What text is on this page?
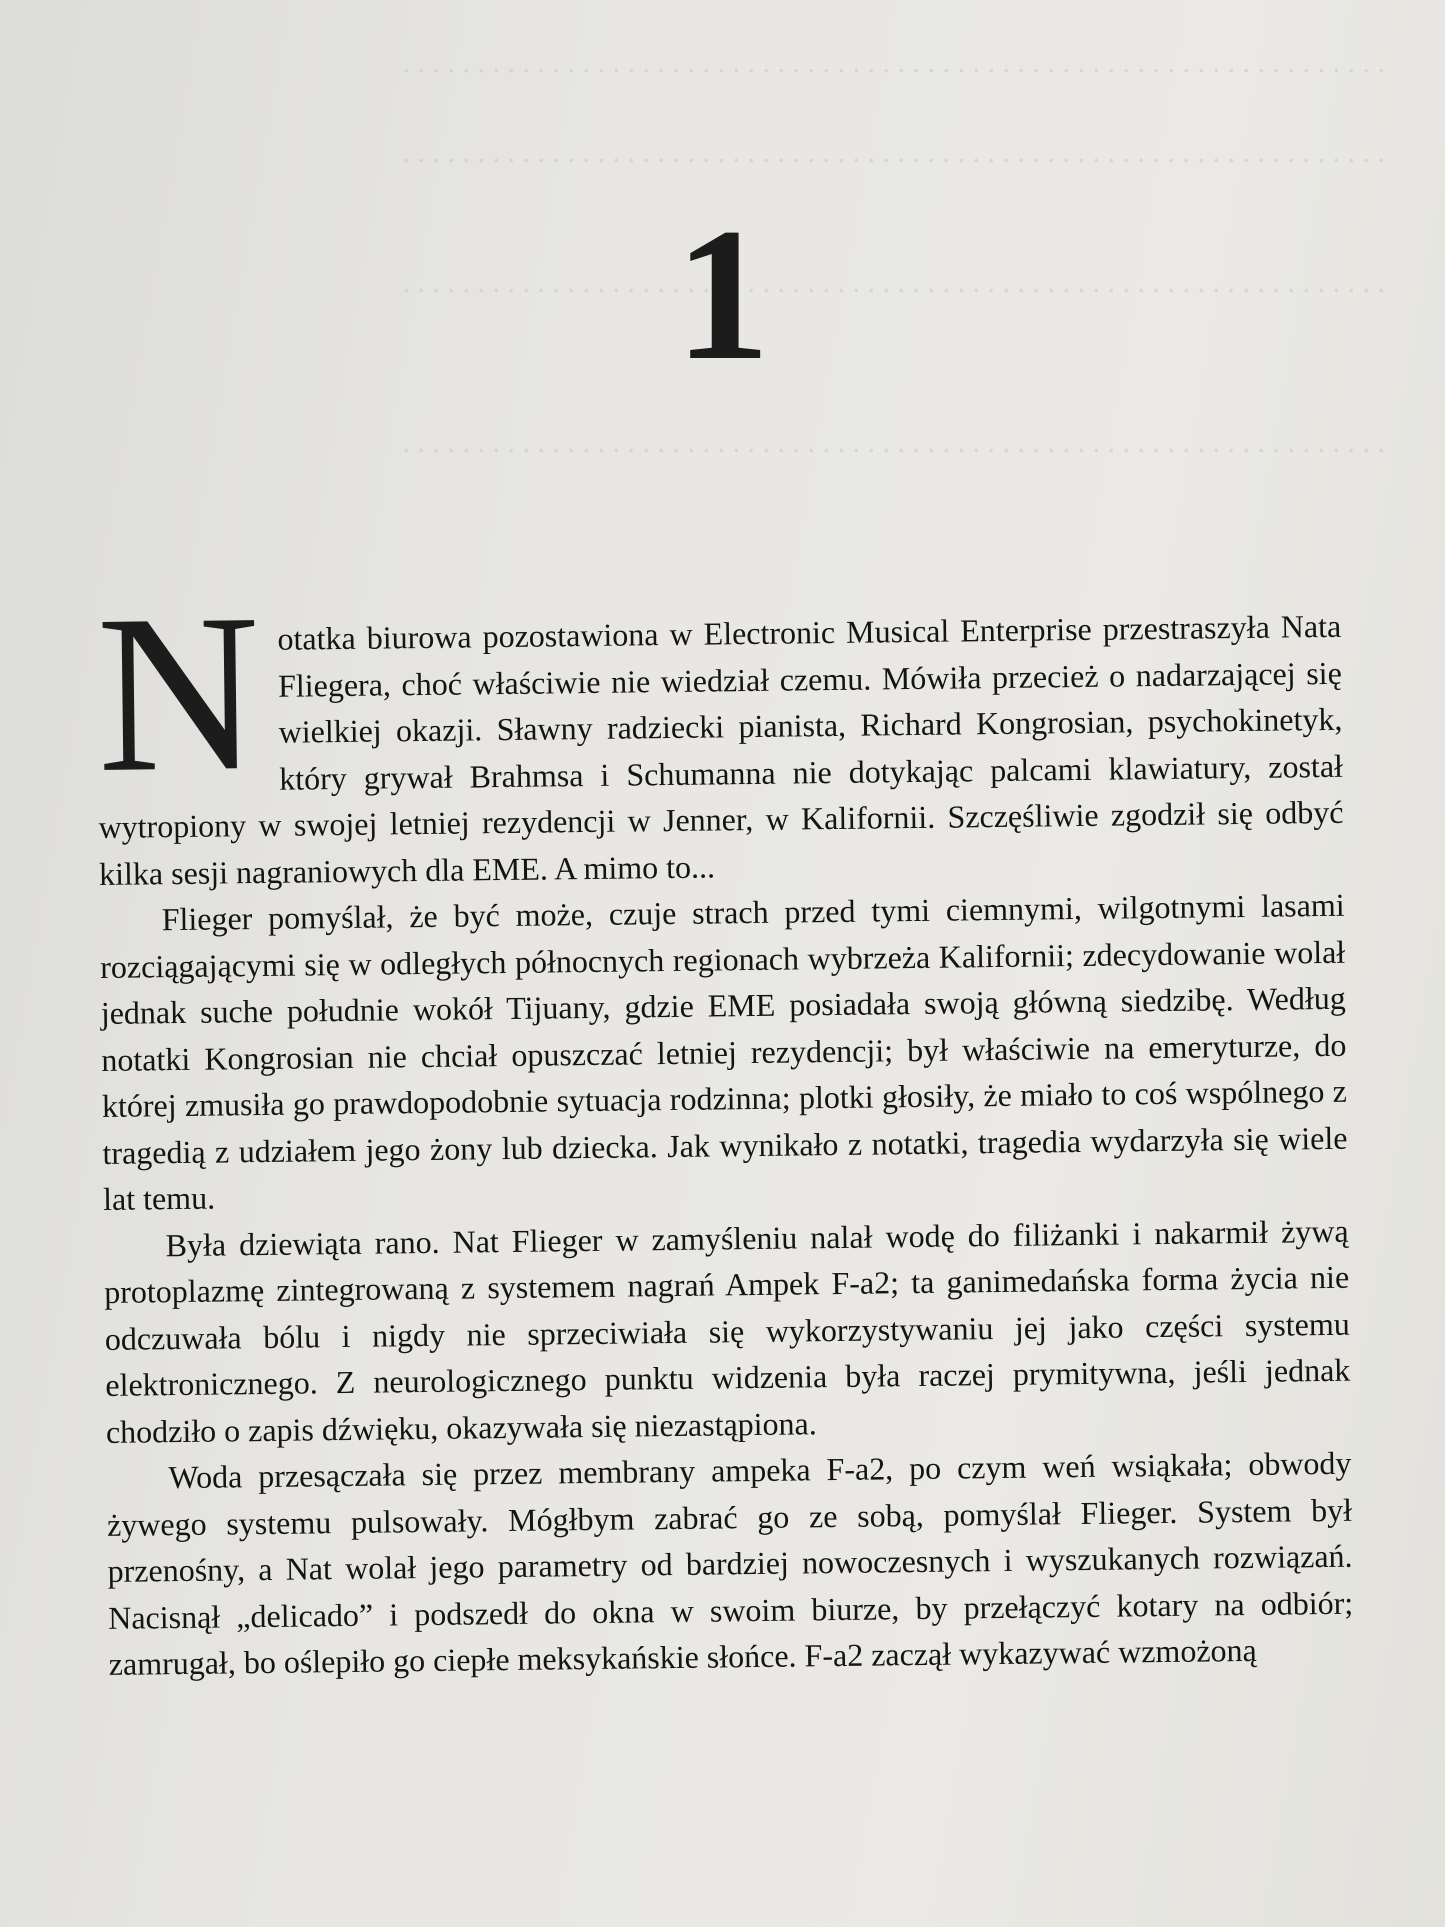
. . . . . . . . . . . . . . . . . . . . . . . . . . . . . . . . . . . . . . . . . . . . . . . . . . . . . . . . . . . . . . . . . .
. . . . . . . . . . . . . . . . . . . . . . . . . . . . . . . . . . . . . . . . . . . . . . . . . . . . . . . . . . . . . . . . . .
. . . . . . . . . . . . . . . . . . . . . . . . . . . . . . . . . . . . . . . . . . . . . . . . . . . . . . . . . . . . . . . . . .
. . . . . . . . . . . . . . . . . . . . . . . . . . . . . . . . . . . . . . . . . . . . . . . . . . . . . . . . . . . . . . . . . .
1

Notatka biurowa pozostawiona w Electronic Musical Enterprise przestraszyła Nata Fliegera, choć właściwie nie wiedział czemu. Mówiła przecież o nadarzającej się wielkiej okazji. Sławny radziecki pianista, Richard Kongrosian, psychokinetyk, który grywał Brahmsa i Schumanna nie dotykając palcami klawiatury, został wytropiony w swojej letniej rezydencji w Jenner, w Kalifornii. Szczęśliwie zgodził się odbyć kilka sesji nagraniowych dla EME. A mimo to...

Flieger pomyślał, że być może, czuje strach przed tymi ciemnymi, wilgotnymi lasami rozciągającymi się w odległych północnych regionach wybrzeża Kalifornii; zdecydowanie wolał jednak suche południe wokół Tijuany, gdzie EME posiadała swoją główną siedzibę. Według notatki Kongrosian nie chciał opuszczać letniej rezydencji; był właściwie na emeryturze, do której zmusiła go prawdopodobnie sytuacja rodzinna; plotki głosiły, że miało to coś wspólnego z tragedią z udziałem jego żony lub dziecka. Jak wynikało z notatki, tragedia wydarzyła się wiele lat temu.

Była dziewiąta rano. Nat Flieger w zamyśleniu nalał wodę do filiżanki i nakarmił żywą protoplazmę zintegrowaną z systemem nagrań Ampek F-a2; ta ganimedańska forma życia nie odczuwała bólu i nigdy nie sprzeciwiała się wykorzystywaniu jej jako części systemu elektronicznego. Z neurologicznego punktu widzenia była raczej prymitywna, jeśli jednak chodziło o zapis dźwięku, okazywała się niezastąpiona.

Woda przesączała się przez membrany ampeka F-a2, po czym weń wsiąkała; obwody żywego systemu pulsowały. Mógłbym zabrać go ze sobą, pomyślał Flieger. System był przenośny, a Nat wolał jego parametry od bardziej nowoczesnych i wyszukanych rozwiązań. Nacisnął „delicado” i podszedł do okna w swoim biurze, by przełączyć kotary na odbiór; zamrugał, bo oślepiło go ciepłe meksykańskie słońce. F-a2 zaczął wykazywać wzmożoną
